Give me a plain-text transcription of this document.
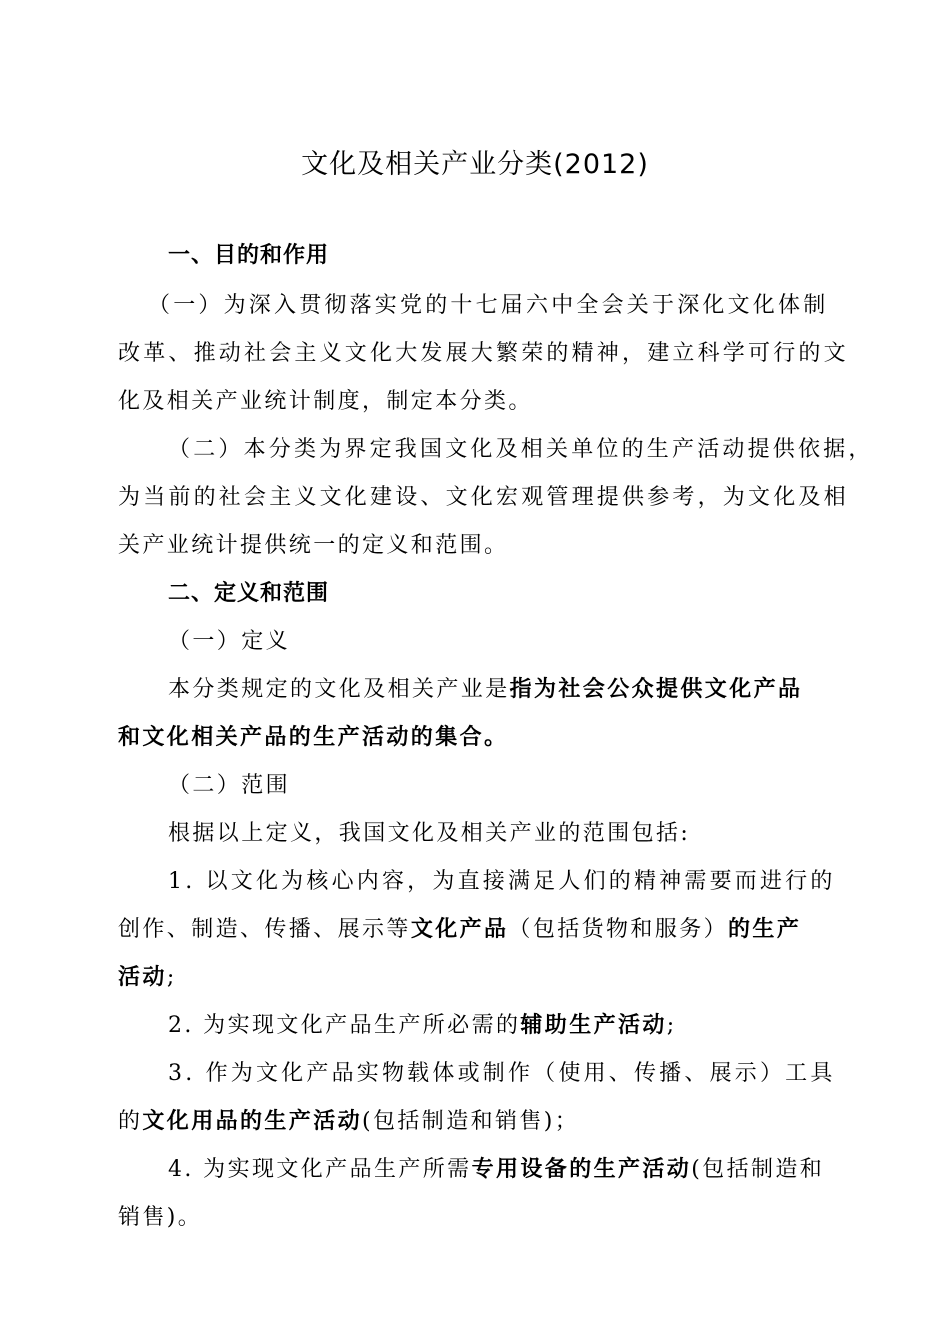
文化及相关产业分类(2012)
一、目的和作用
（一）为深入贯彻落实党的十七届六中全会关于深化文化体制
改革、推动社会主义文化大发展大繁荣的精神，建立科学可行的文
化及相关产业统计制度，制定本分类。
（二）本分类为界定我国文化及相关单位的生产活动提供依据，
为当前的社会主义文化建设、文化宏观管理提供参考，为文化及相
关产业统计提供统一的定义和范围。
二、定义和范围
（一）定义
本分类规定的文化及相关产业是指为社会公众提供文化产品
和文化相关产品的生产活动的集合。
（二）范围
根据以上定义，我国文化及相关产业的范围包括:
1. 以文化为核心内容，为直接满足人们的精神需要而进行的
创作、制造、传播、展示等文化产品（包括货物和服务）的生产
活动;
2. 为实现文化产品生产所必需的辅助生产活动;
3. 作为文化产品实物载体或制作（使用、传播、展示）工具
的文化用品的生产活动(包括制造和销售)；
4. 为实现文化产品生产所需专用设备的生产活动(包括制造和
销售)。
